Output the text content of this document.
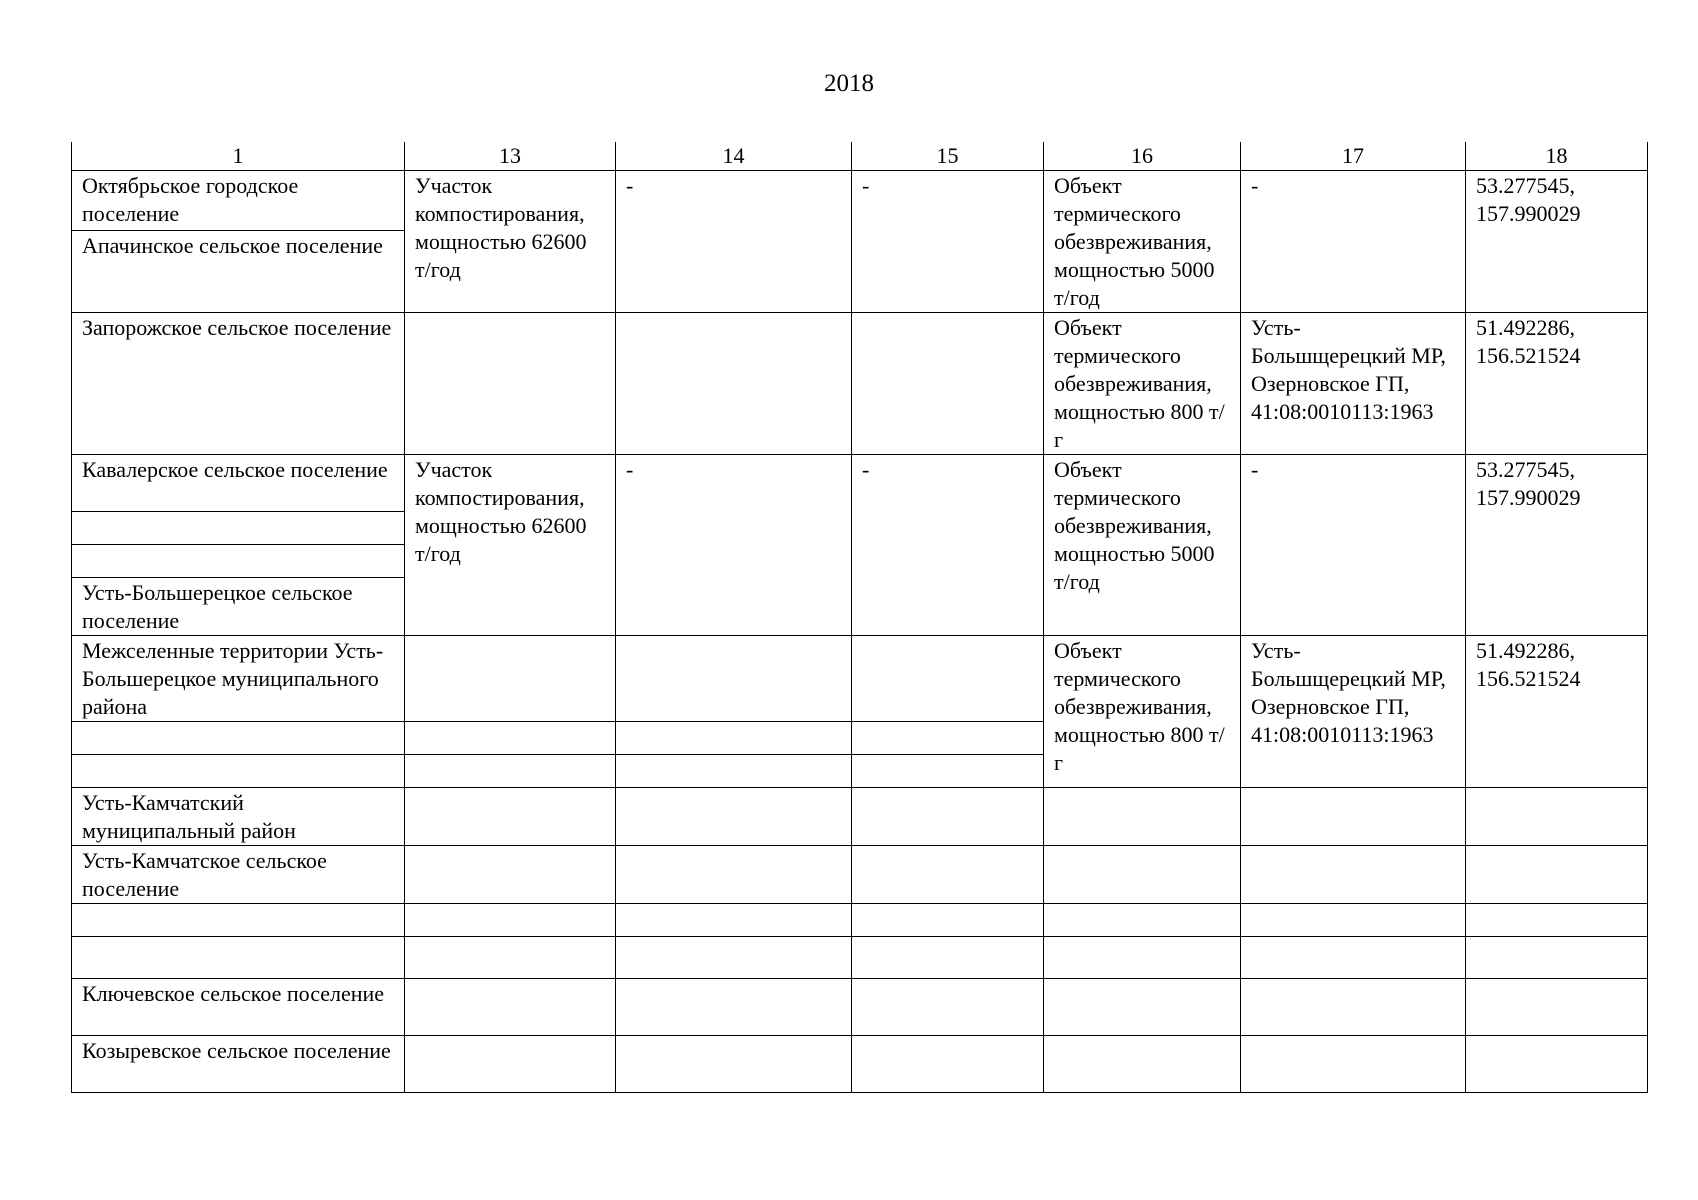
2018
1	13	14	15	16	17	18
Октябрьское городское поселение	Участок компостирования, мощностью 62600 т/год	-	-	Объект термического обезвреживания, мощностью 5000 т/год	-	53.277545, 157.990029
Апачинское сельское поселение						
Запорожское сельское поселение				Объект термического обезвреживания, мощностью 800 т/г	Усть-Большщерецкий МР, Озерновское ГП, 41:08:0010113:1963	51.492286, 156.521524
Кавалерское сельское поселение	Участок компостирования, мощностью 62600 т/год	-	-	Объект термического обезвреживания, мощностью 5000 т/год	-	53.277545, 157.990029

Усть-Большерецкое сельское поселение						
Межселенные территории Усть-Большерецкое муниципального района				Объект термического обезвреживания, мощностью 800 т/г	Усть-Большщерецкий МР, Озерновское ГП, 41:08:0010113:1963	51.492286, 156.521524

Усть-Камчатский муниципальный район						
Усть-Камчатское сельское поселение						

Ключевское сельское поселение						
Козыревское сельское поселение						
